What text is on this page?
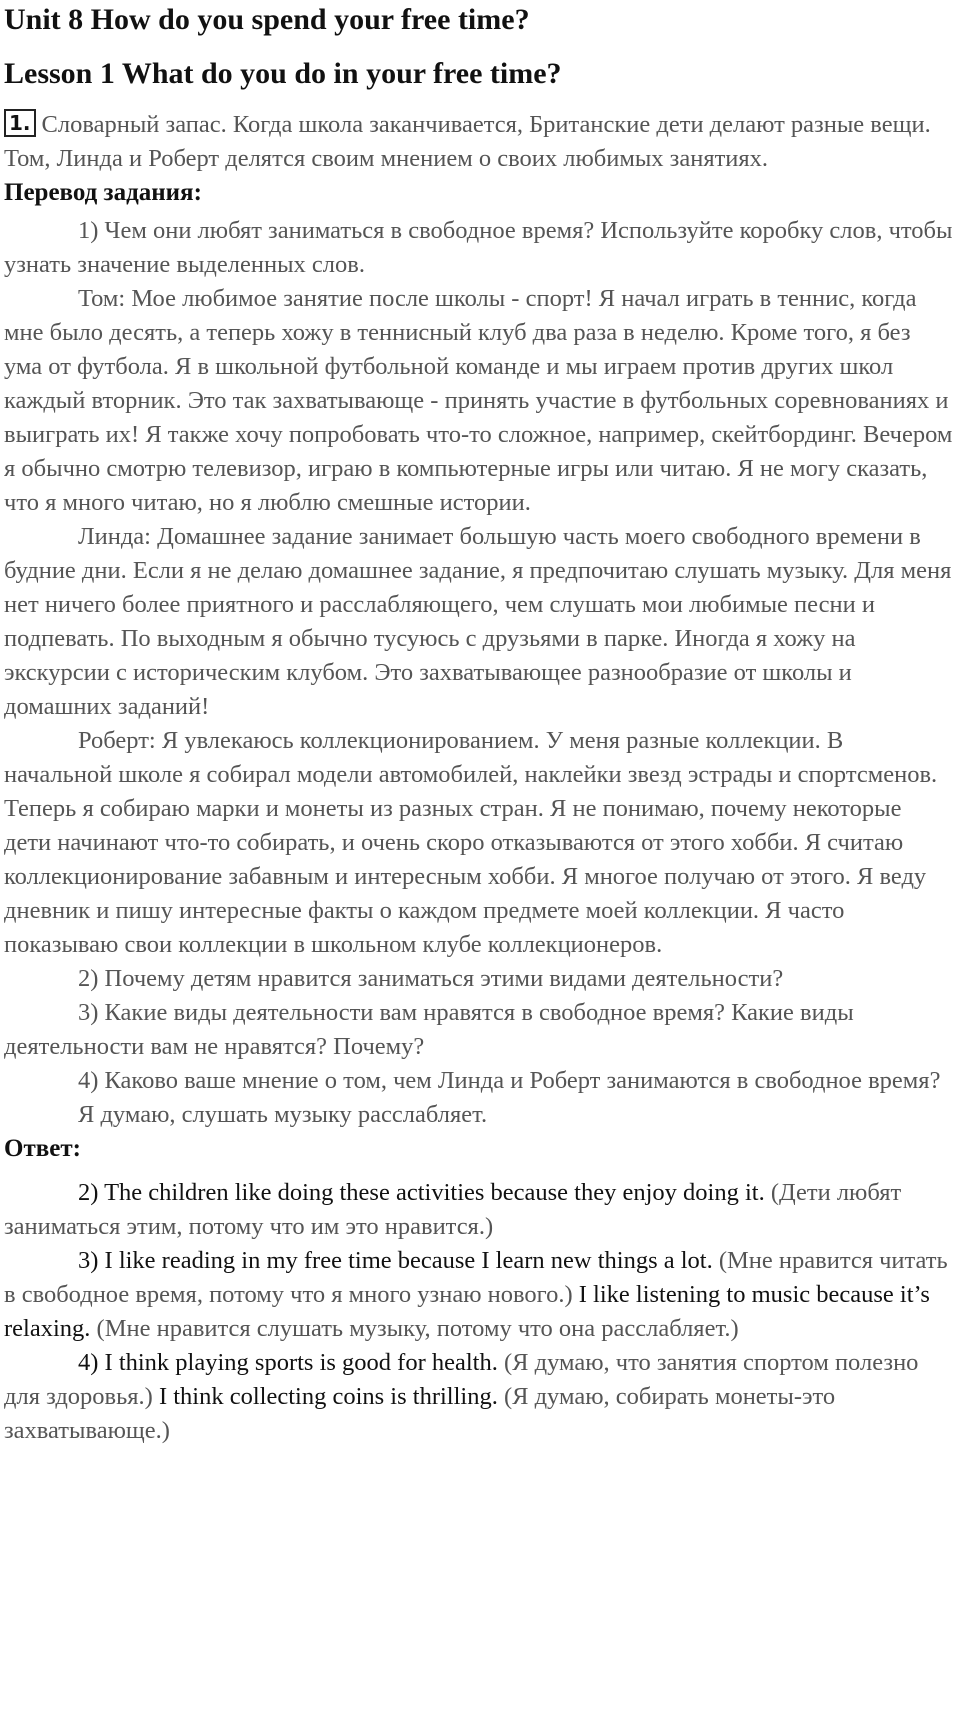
Unit 8 How do you spend your free time?
Lesson 1 What do you do in your free time?

1. Словарный запас. Когда школа заканчивается, Британские дети делают разные вещи. Том, Линда и Роберт делятся своим мнением о своих любимых занятиях.

Перевод задания:

1) Чем они любят заниматься в свободное время? Используйте коробку слов, чтобы узнать значение выделенных слов.

Том: Мое любимое занятие после школы - спорт! Я начал играть в теннис, когда мне было десять, а теперь хожу в теннисный клуб два раза в неделю. Кроме того, я без ума от футбола. Я в школьной футбольной команде и мы играем против других школ каждый вторник. Это так захватывающе - принять участие в футбольных соревнованиях и выиграть их! Я также хочу попробовать что-то сложное, например, скейтбординг. Вечером я обычно смотрю телевизор, играю в компьютерные игры или читаю. Я не могу сказать, что я много читаю, но я люблю смешные истории.

Линда: Домашнее задание занимает большую часть моего свободного времени в будние дни. Если я не делаю домашнее задание, я предпочитаю слушать музыку. Для меня нет ничего более приятного и расслабляющего, чем слушать мои любимые песни и подпевать. По выходным я обычно тусуюсь с друзьями в парке. Иногда я хожу на экскурсии с историческим клубом. Это захватывающее разнообразие от школы и домашних заданий!

Роберт: Я увлекаюсь коллекционированием. У меня разные коллекции. В начальной школе я собирал модели автомобилей, наклейки звезд эстрады и спортсменов. Теперь я собираю марки и монеты из разных стран. Я не понимаю, почему некоторые дети начинают что-то собирать, и очень скоро отказываются от этого хобби. Я считаю коллекционирование забавным и интересным хобби. Я многое получаю от этого. Я веду дневник и пишу интересные факты о каждом предмете моей коллекции. Я часто показываю свои коллекции в школьном клубе коллекционеров.

2) Почему детям нравится заниматься этими видами деятельности?

3) Какие виды деятельности вам нравятся в свободное время? Какие виды деятельности вам не нравятся? Почему?

4) Каково ваше мнение о том, чем Линда и Роберт занимаются в свободное время?

Я думаю, слушать музыку расслабляет.

Ответ:

2) The children like doing these activities because they enjoy doing it. (Дети любят заниматься этим, потому что им это нравится.)

3) I like reading in my free time because I learn new things a lot. (Мне нравится читать в свободное время, потому что я много узнаю нового.) I like listening to music because it’s relaxing. (Мне нравится слушать музыку, потому что она расслабляет.)

4) I think playing sports is good for health. (Я думаю, что занятия спортом полезно для здоровья.) I think collecting coins is thrilling. (Я думаю, собирать монеты-это захватывающе.)
